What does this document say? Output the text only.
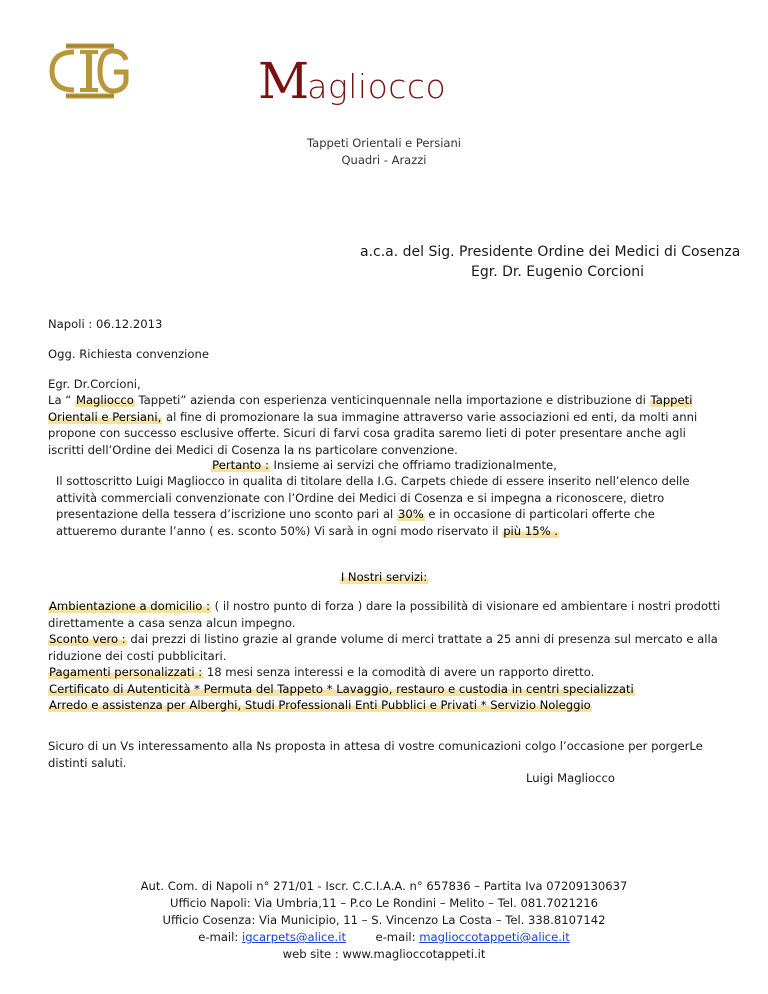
Magliocco
Tappeti Orientali e Persiani
Quadri - Arazzi
a.c.a. del Sig. Presidente Ordine dei Medici di Cosenza
Egr. Dr. Eugenio Corcioni
Napoli : 06.12.2013
Ogg. Richiesta convenzione
Egr. Dr.Corcioni,
La “ Magliocco Tappeti” azienda con esperienza venticinquennale nella importazione e distribuzione di Tappeti Orientali e Persiani, al fine di promozionare la sua immagine attraverso varie associazioni ed enti, da molti anni propone con successo esclusive offerte. Sicuri di farvi cosa gradita saremo lieti di poter presentare anche agli iscritti dell’Ordine dei Medici di Cosenza la ns particolare convenzione.
Pertanto : Insieme ai servizi che offriamo tradizionalmente,
Il sottoscritto Luigi Magliocco in qualita di titolare della I.G. Carpets chiede di essere inserito nell’elenco delle attività commerciali convenzionate con l’Ordine dei Medici di Cosenza e si impegna a riconoscere, dietro presentazione della tessera d’iscrizione uno sconto pari al 30% e in occasione di particolari offerte che attueremo durante l’anno ( es. sconto 50%) Vi sarà in ogni modo riservato il più 15% .
I Nostri servizi:
Ambientazione a domicilio : ( il nostro punto di forza ) dare la possibilità di visionare ed ambientare i nostri prodotti direttamente a casa senza alcun impegno.
Sconto vero : dai prezzi di listino grazie al grande volume di merci trattate a 25 anni di presenza sul mercato e alla riduzione dei costi pubblicitari.
Pagamenti personalizzati : 18 mesi senza interessi e la comodità di avere un rapporto diretto.
Certificato di Autenticità * Permuta del Tappeto * Lavaggio, restauro e custodia in centri specializzati
Arredo e assistenza per Alberghi, Studi Professionali Enti Pubblici e Privati * Servizio Noleggio
Sicuro di un Vs interessamento alla Ns proposta in attesa di vostre comunicazioni colgo l’occasione per porgerLe distinti saluti.
Luigi Magliocco
Aut. Com. di Napoli n° 271/01 - Iscr. C.C.I.A.A. n° 657836 – Partita Iva 07209130637
Ufficio Napoli: Via Umbria,11 – P.co Le Rondini – Melito – Tel. 081.7021216
Ufficio Cosenza: Via Municipio, 11 – S. Vincenzo La Costa – Tel. 338.8107142
e-mail: igcarpets@alice.it	e-mail: maglioccotappeti@alice.it
web site : www.maglioccotappeti.it
